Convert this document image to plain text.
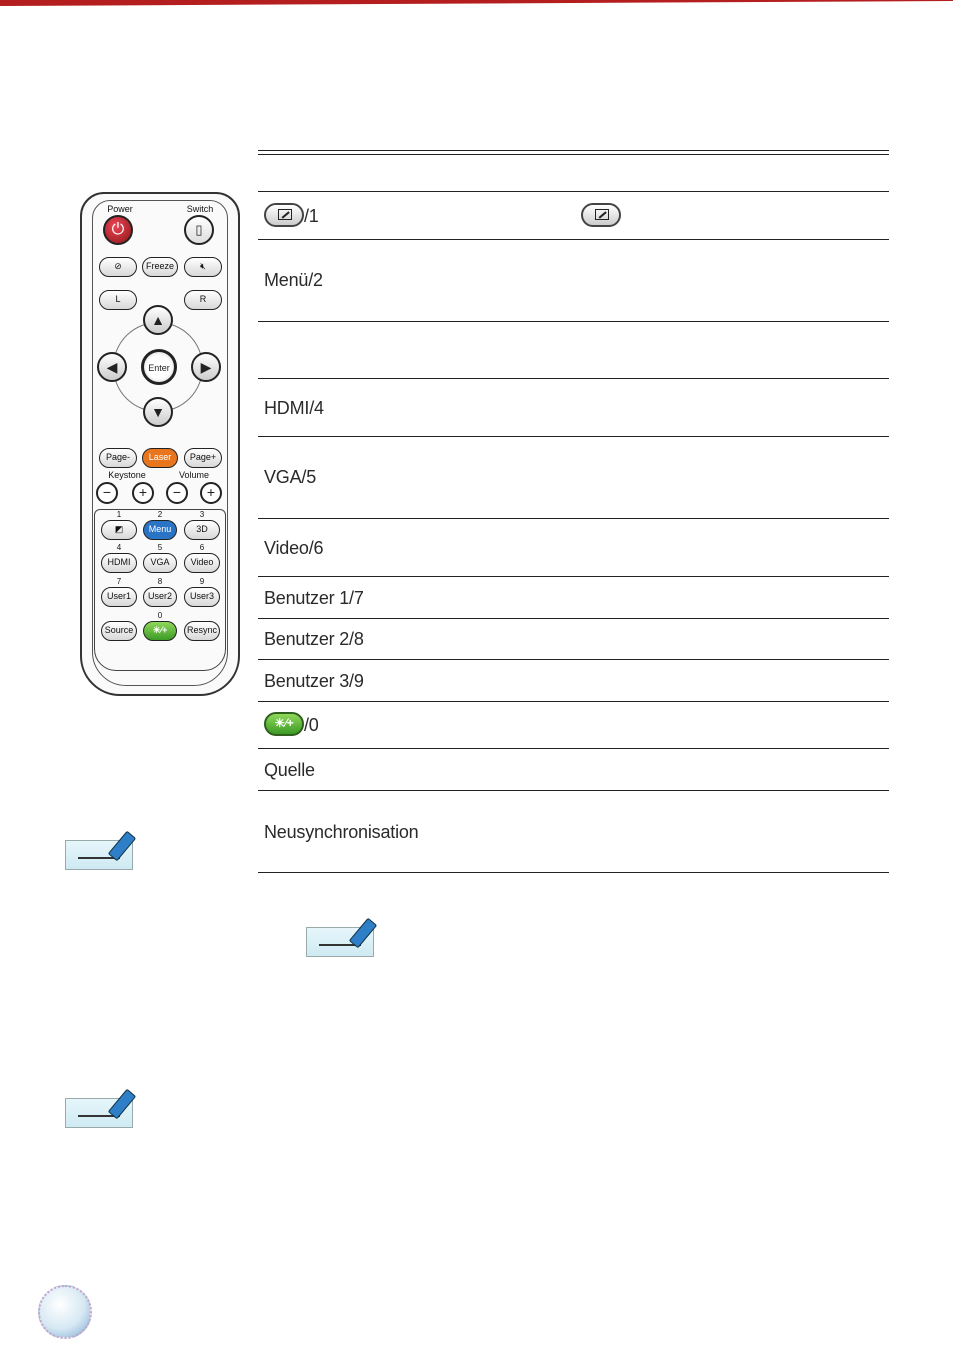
/1
Menü/2
HDMI/4
VGA/5
Video/6
Benutzer 1/7
Benutzer 2/8
Benutzer 3/9
☀⁄+ /0
Quelle
Neusynchronisation
Power	Switch
⏻	▯
⊘	Freeze	🔇︎
L	R
▲
▼
◀	▶
Enter
Page-	Laser	Page+
Keystone	Volume
−	+	−	+
1	2	3
◩	Menu	3D
4	5	6
HDMI	VGA	Video
7	8	9
User1	User2	User3
0
Source	☀⁄+	Resync
